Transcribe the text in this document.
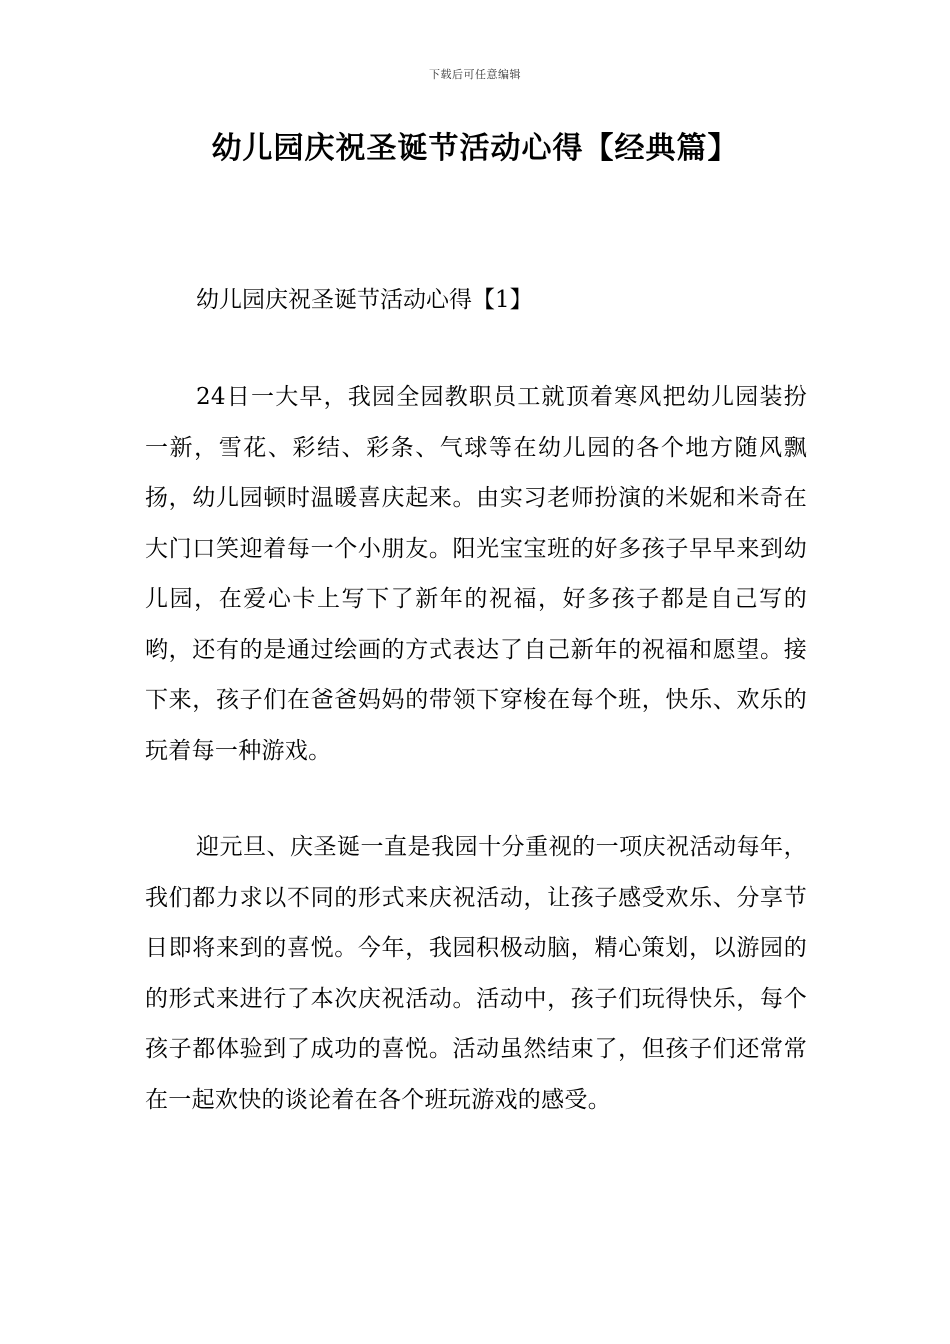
下载后可任意编辑
幼儿园庆祝圣诞节活动心得【经典篇】
幼儿园庆祝圣诞节活动心得【1】

24日一大早，我园全园教职员工就顶着寒风把幼儿园装扮一新，雪花、彩结、彩条、气球等在幼儿园的各个地方随风飘扬，幼儿园顿时温暖喜庆起来。由实习老师扮演的米妮和米奇在大门口笑迎着每一个小朋友。阳光宝宝班的好多孩子早早来到幼儿园，在爱心卡上写下了新年的祝福，好多孩子都是自己写的哟，还有的是通过绘画的方式表达了自己新年的祝福和愿望。接下来，孩子们在爸爸妈妈的带领下穿梭在每个班，快乐、欢乐的玩着每一种游戏。

迎元旦、庆圣诞一直是我园十分重视的一项庆祝活动每年，我们都力求以不同的形式来庆祝活动，让孩子感受欢乐、分享节日即将来到的喜悦。今年，我园积极动脑，精心策划，以游园的的形式来进行了本次庆祝活动。活动中，孩子们玩得快乐，每个孩子都体验到了成功的喜悦。活动虽然结束了，但孩子们还常常在一起欢快的谈论着在各个班玩游戏的感受。
